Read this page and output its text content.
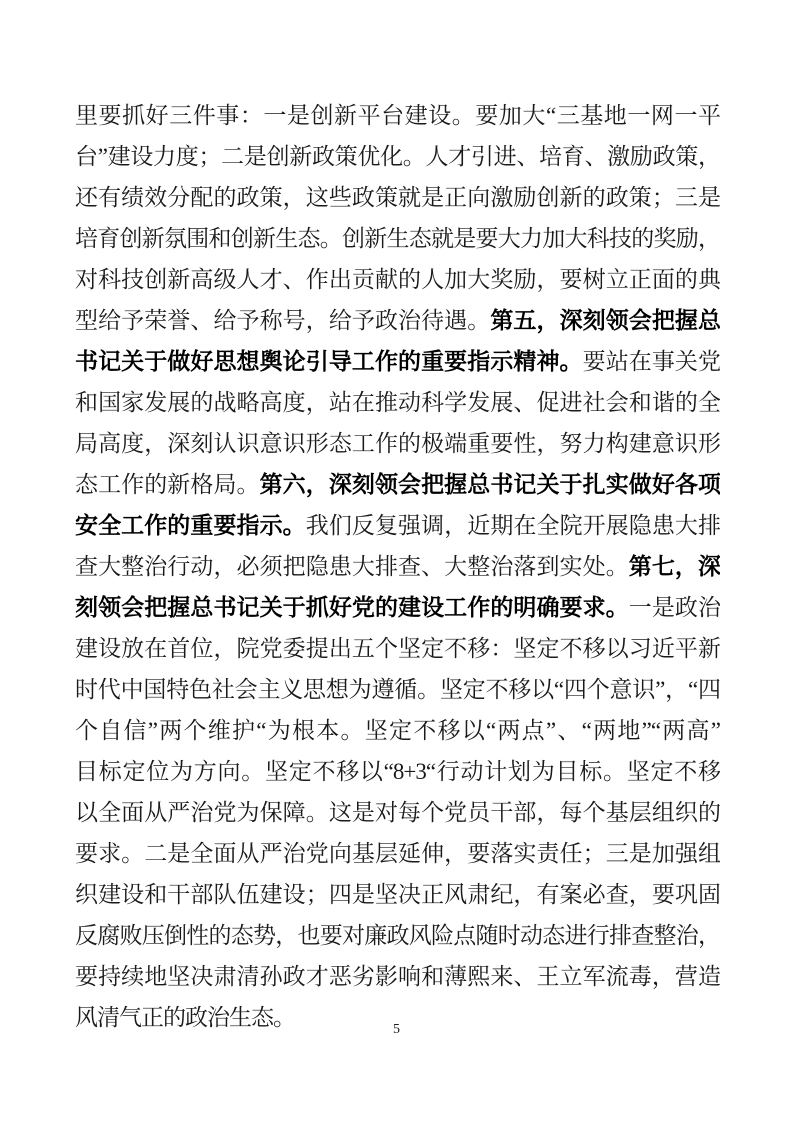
里要抓好三件事：一是创新平台建设。要加大“三基地一网一平
台”建设力度；二是创新政策优化。人才引进、培育、激励政策，
还有绩效分配的政策，这些政策就是正向激励创新的政策；三是
培育创新氛围和创新生态。创新生态就是要大力加大科技的奖励，
对科技创新高级人才、作出贡献的人加大奖励，要树立正面的典
型给予荣誉、给予称号，给予政治待遇。第五，深刻领会把握总
书记关于做好思想舆论引导工作的重要指示精神。要站在事关党
和国家发展的战略高度，站在推动科学发展、促进社会和谐的全
局高度，深刻认识意识形态工作的极端重要性，努力构建意识形
态工作的新格局。第六，深刻领会把握总书记关于扎实做好各项
安全工作的重要指示。我们反复强调，近期在全院开展隐患大排
查大整治行动，必须把隐患大排查、大整治落到实处。第七，深
刻领会把握总书记关于抓好党的建设工作的明确要求。一是政治
建设放在首位，院党委提出五个坚定不移：坚定不移以习近平新
时代中国特色社会主义思想为遵循。坚定不移以“四个意识”，“四
个自信”两个维护“为根本。坚定不移以“两点”、“两地”“两高”
目标定位为方向。坚定不移以“8+3“行动计划为目标。坚定不移
以全面从严治党为保障。这是对每个党员干部，每个基层组织的
要求。二是全面从严治党向基层延伸，要落实责任；三是加强组
织建设和干部队伍建设；四是坚决正风肃纪，有案必查，要巩固
反腐败压倒性的态势，也要对廉政风险点随时动态进行排查整治，
要持续地坚决肃清孙政才恶劣影响和薄熙来、王立军流毒，营造
风清气正的政治生态。	5
